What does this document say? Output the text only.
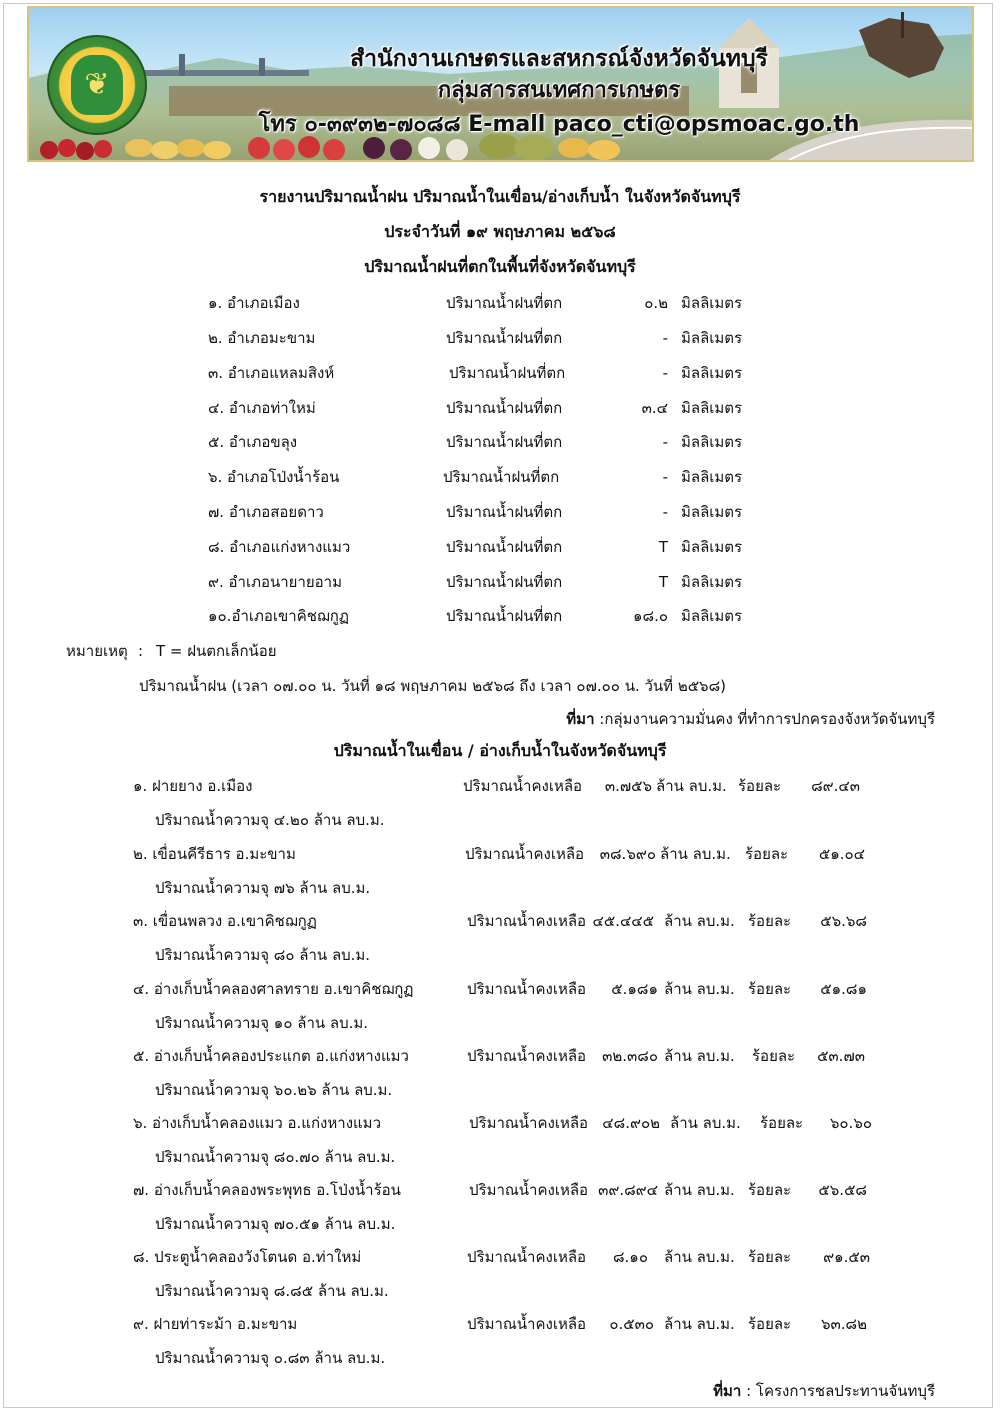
❦
สำนักงานเกษตรและสหกรณ์จังหวัดจันทบุรี
กลุ่มสารสนเทศการเกษตร
โทร ๐-๓๙๓๒-๗๐๘๘ E-mall paco_cti@opsmoac.go.th
รายงานปริมาณน้ำฝน ปริมาณน้ำในเขื่อน/อ่างเก็บน้ำ ในจังหวัดจันทบุรี
ประจำวันที่ ๑๙ พฤษภาคม ๒๕๖๘
ปริมาณน้ำฝนที่ตกในพื้นที่จังหวัดจันทบุรี
๑. อำเภอเมือง	ปริมาณน้ำฝนที่ตก	๐.๒ มิลลิเมตร
๒. อำเภอมะขาม	ปริมาณน้ำฝนที่ตก	- มิลลิเมตร
๓. อำเภอแหลมสิงห์	ปริมาณน้ำฝนที่ตก	- มิลลิเมตร
๔. อำเภอท่าใหม่	ปริมาณน้ำฝนที่ตก	๓.๔ มิลลิเมตร
๕. อำเภอขลุง	ปริมาณน้ำฝนที่ตก	- มิลลิเมตร
๖. อำเภอโป่งน้ำร้อน	ปริมาณน้ำฝนที่ตก	- มิลลิเมตร
๗. อำเภอสอยดาว	ปริมาณน้ำฝนที่ตก	- มิลลิเมตร
๘. อำเภอแก่งหางแมว	ปริมาณน้ำฝนที่ตก	T มิลลิเมตร
๙. อำเภอนายายอาม	ปริมาณน้ำฝนที่ตก	T มิลลิเมตร
๑๐.อำเภอเขาคิชฌกูฏ	ปริมาณน้ำฝนที่ตก	๑๘.๐ มิลลิเมตร
หมายเหตุ : T = ฝนตกเล็กน้อย
ปริมาณน้ำฝน (เวลา ๐๗.๐๐ น. วันที่ ๑๘ พฤษภาคม ๒๕๖๘ ถึง เวลา ๐๗.๐๐ น. วันที่ ๒๕๖๘)
ที่มา :กลุ่มงานความมั่นคง ที่ทำการปกครองจังหวัดจันทบุรี
ปริมาณน้ำในเขื่อน / อ่างเก็บน้ำในจังหวัดจันทบุรี
๑. ฝายยาง อ.เมือง	ปริมาณน้ำคงเหลือ	๓.๗๕๖ ล้าน ลบ.ม. ร้อยละ	๘๙.๔๓
ปริมาณน้ำความจุ ๔.๒๐ ล้าน ลบ.ม.
๒. เขื่อนคีรีธาร อ.มะขาม	ปริมาณน้ำคงเหลือ	๓๘.๖๙๐ ล้าน ลบ.ม. ร้อยละ	๕๑.๐๔
ปริมาณน้ำความจุ ๗๖ ล้าน ลบ.ม.
๓. เขื่อนพลวง อ.เขาคิชฌกูฏ	ปริมาณน้ำคงเหลือ ๔๕.๔๔๕ ล้าน ลบ.ม. ร้อยละ	๕๖.๖๘
ปริมาณน้ำความจุ ๘๐ ล้าน ลบ.ม.
๔. อ่างเก็บน้ำคลองศาลทราย อ.เขาคิชฌกูฏ	ปริมาณน้ำคงเหลือ	๕.๑๘๑ ล้าน ลบ.ม. ร้อยละ	๕๑.๘๑
ปริมาณน้ำความจุ ๑๐ ล้าน ลบ.ม.
๕. อ่างเก็บน้ำคลองประแกต อ.แก่งหางแมว	ปริมาณน้ำคงเหลือ	๓๒.๓๘๐ ล้าน ลบ.ม. ร้อยละ	๕๓.๗๓
ปริมาณน้ำความจุ ๖๐.๒๖ ล้าน ลบ.ม.
๖. อ่างเก็บน้ำคลองแมว อ.แก่งหางแมว	ปริมาณน้ำคงเหลือ ๔๘.๙๐๒ ล้าน ลบ.ม. ร้อยละ	๖๐.๖๐
ปริมาณน้ำความจุ ๘๐.๗๐ ล้าน ลบ.ม.
๗. อ่างเก็บน้ำคลองพระพุทธ อ.โป่งน้ำร้อน	ปริมาณน้ำคงเหลือ ๓๙.๘๙๔ ล้าน ลบ.ม. ร้อยละ	๕๖.๕๘
ปริมาณน้ำความจุ ๗๐.๕๑ ล้าน ลบ.ม.
๘. ประตูน้ำคลองวังโตนด อ.ท่าใหม่	ปริมาณน้ำคงเหลือ	๘.๑๐ ล้าน ลบ.ม. ร้อยละ	๙๑.๕๓
ปริมาณน้ำความจุ ๘.๘๕ ล้าน ลบ.ม.
๙. ฝายท่าระม้า อ.มะขาม	ปริมาณน้ำคงเหลือ	๐.๕๓๐ ล้าน ลบ.ม. ร้อยละ	๖๓.๘๒
ปริมาณน้ำความจุ ๐.๘๓ ล้าน ลบ.ม.
ที่มา : โครงการชลประทานจันทบุรี
